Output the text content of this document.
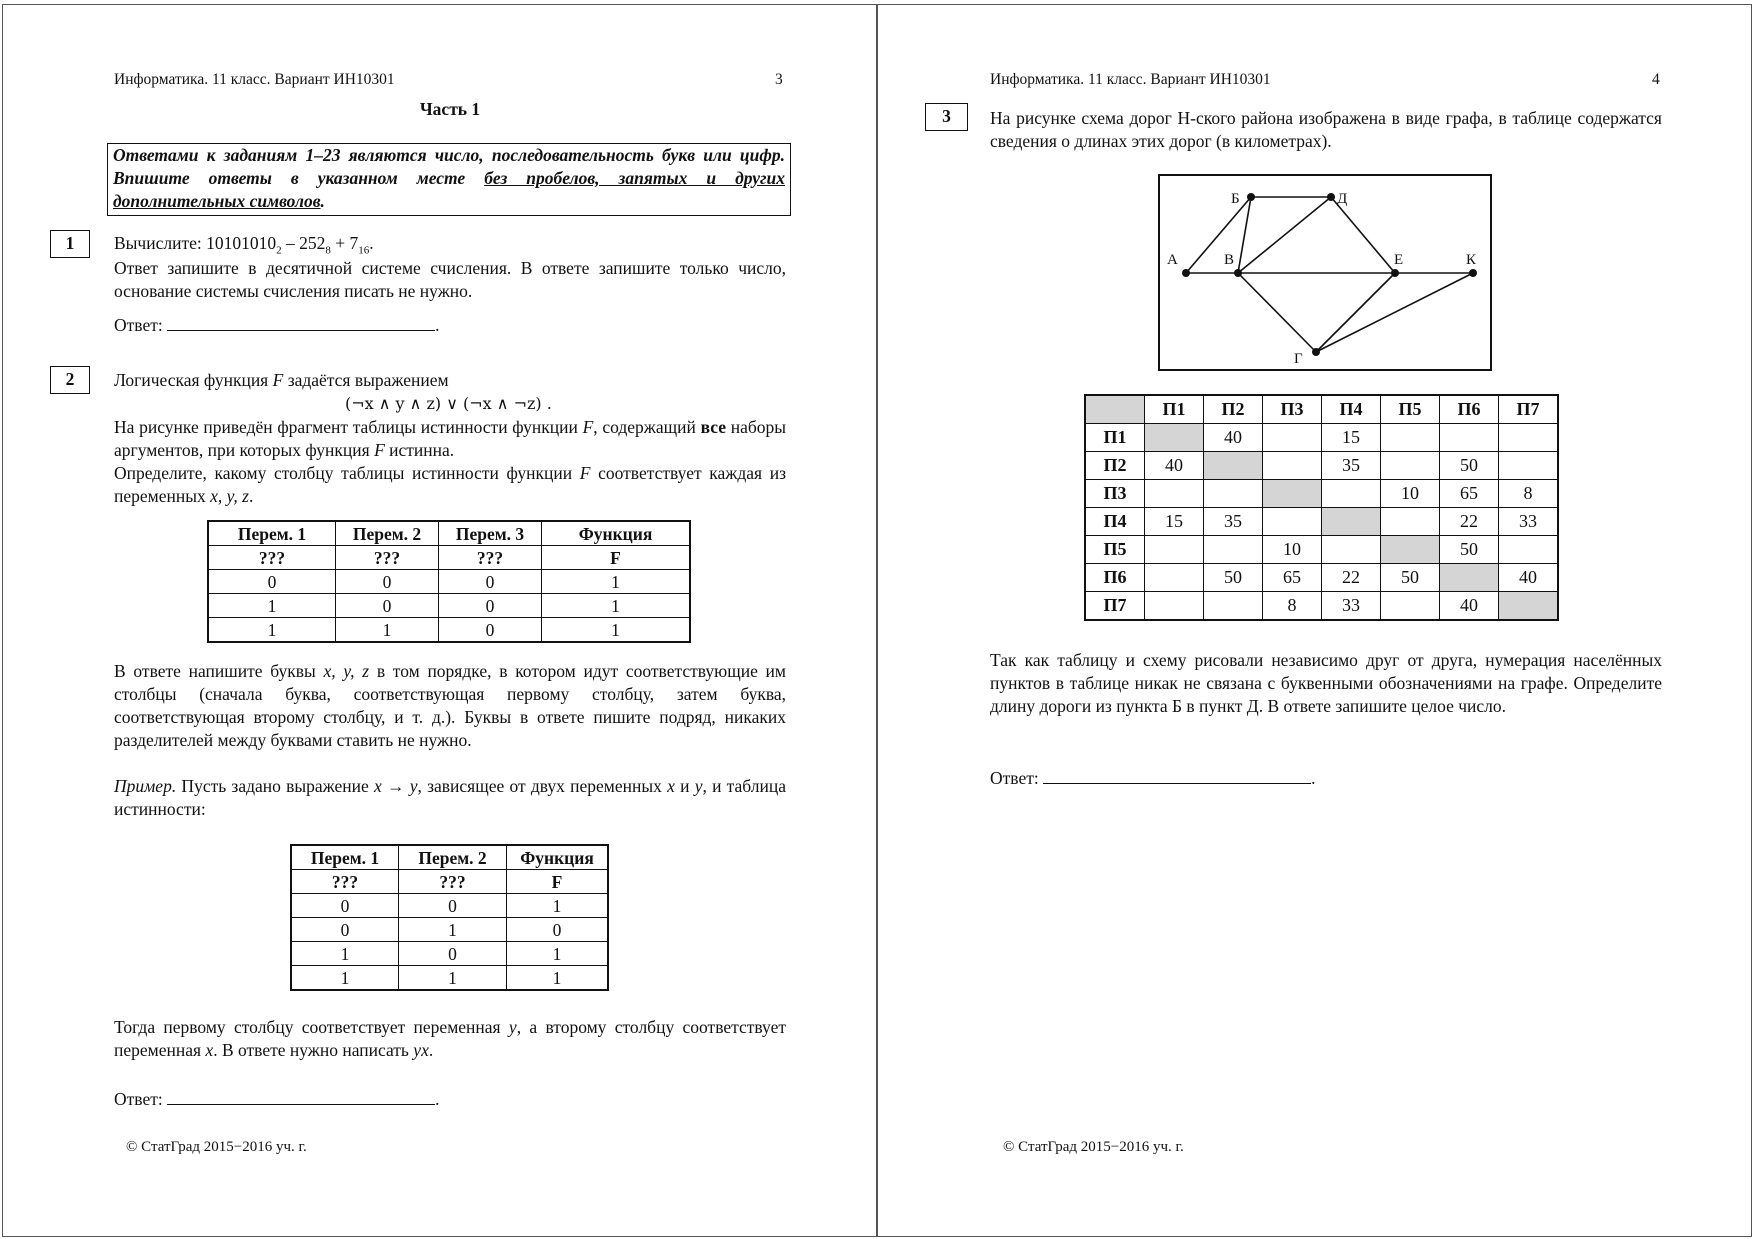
Информатика. 11 класс. Вариант ИН10301	3
Часть 1
Ответами к заданиям 1–23 являются число, последовательность букв или цифр. Впишите ответы в указанном месте без пробелов, запятых и других дополнительных символов.
1	Вычислите: $10101010_2 - 252_8 + 7_{16}$.
Ответ запишите в десятичной системе счисления. В ответе запишите только число, основание системы счисления писать не нужно.
Ответ:	.
2	Логическая функция F задаётся выражением
(¬x ∧ y ∧ z) ∨ (¬x ∧ ¬z) .
На рисунке приведён фрагмент таблицы истинности функции F, содержащий все наборы аргументов, при которых функция F истинна.
Определите, какому столбцу таблицы истинности функции F соответствует каждая из переменных x, y, z.
Перем. 1	Перем. 2	Перем. 3	Функция
???	???	???	F
0	0	0	1
1	0	0	1
1	1	0	1
В ответе напишите буквы x, y, z в том порядке, в котором идут соответствующие им столбцы (сначала буква, соответствующая первому столбцу, затем буква, соответствующая второму столбцу, и т. д.). Буквы в ответе пишите подряд, никаких разделителей между буквами ставить не нужно.
Пример. Пусть задано выражение x → y, зависящее от двух переменных x и y, и таблица истинности:
Перем. 1	Перем. 2	Функция
???	???	F
0	0	1
0	1	0
1	0	1
1	1	1
Тогда первому столбцу соответствует переменная y, а второму столбцу соответствует переменная x. В ответе нужно написать yx.
Ответ:	.
© СтатГрад 2015−2016 уч. г.
Информатика. 11 класс. Вариант ИН10301	4
3	На рисунке схема дорог Н-ского района изображена в виде графа, в таблице содержатся сведения о длинах этих дорог (в километрах).
А
Б
В
Г
Д
Е	К
	П1	П2	П3	П4	П5	П6	П7
П1		40		15			
П2	40			35		50	
П3					10	65	8
П4	15	35				22	33
П5			10			50	
П6		50	65	22	50		40
П7			8	33		40	
Так как таблицу и схему рисовали независимо друг от друга, нумерация населённых пунктов в таблице никак не связана с буквенными обозначениями на графе. Определите длину дороги из пункта Б в пункт Д. В ответе запишите целое число.
Ответ:	.
© СтатГрад 2015−2016 уч. г.
